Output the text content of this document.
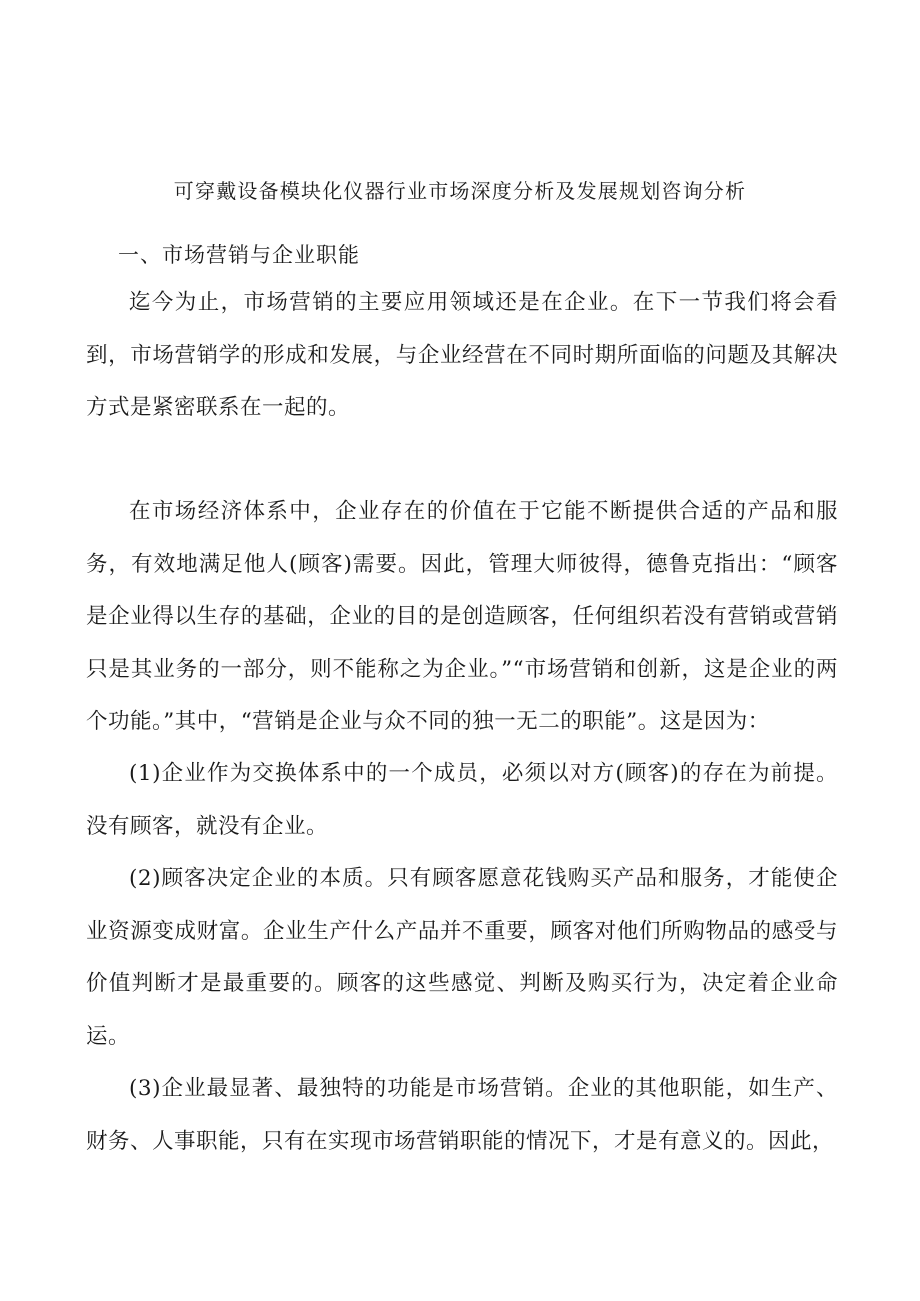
可穿戴设备模块化仪器行业市场深度分析及发展规划咨询分析
一、市场营销与企业职能

迄今为止，市场营销的主要应用领域还是在企业。在下一节我们将会看到，市场营销学的形成和发展，与企业经营在不同时期所面临的问题及其解决方式是紧密联系在一起的。

在市场经济体系中，企业存在的价值在于它能不断提供合适的产品和服务，有效地满足他人(顾客)需要。因此，管理大师彼得，德鲁克指出：“顾客是企业得以生存的基础，企业的目的是创造顾客，任何组织若没有营销或营销只是其业务的一部分，则不能称之为企业。”“市场营销和创新，这是企业的两个功能。”其中，“营销是企业与众不同的独一无二的职能”。这是因为：

(1)企业作为交换体系中的一个成员，必须以对方(顾客)的存在为前提。没有顾客，就没有企业。

(2)顾客决定企业的本质。只有顾客愿意花钱购买产品和服务，才能使企业资源变成财富。企业生产什么产品并不重要，顾客对他们所购物品的感受与价值判断才是最重要的。顾客的这些感觉、判断及购买行为，决定着企业命运。

(3)企业最显著、最独特的功能是市场营销。企业的其他职能，如生产、财务、人事职能，只有在实现市场营销职能的情况下，才是有意义的。因此，
